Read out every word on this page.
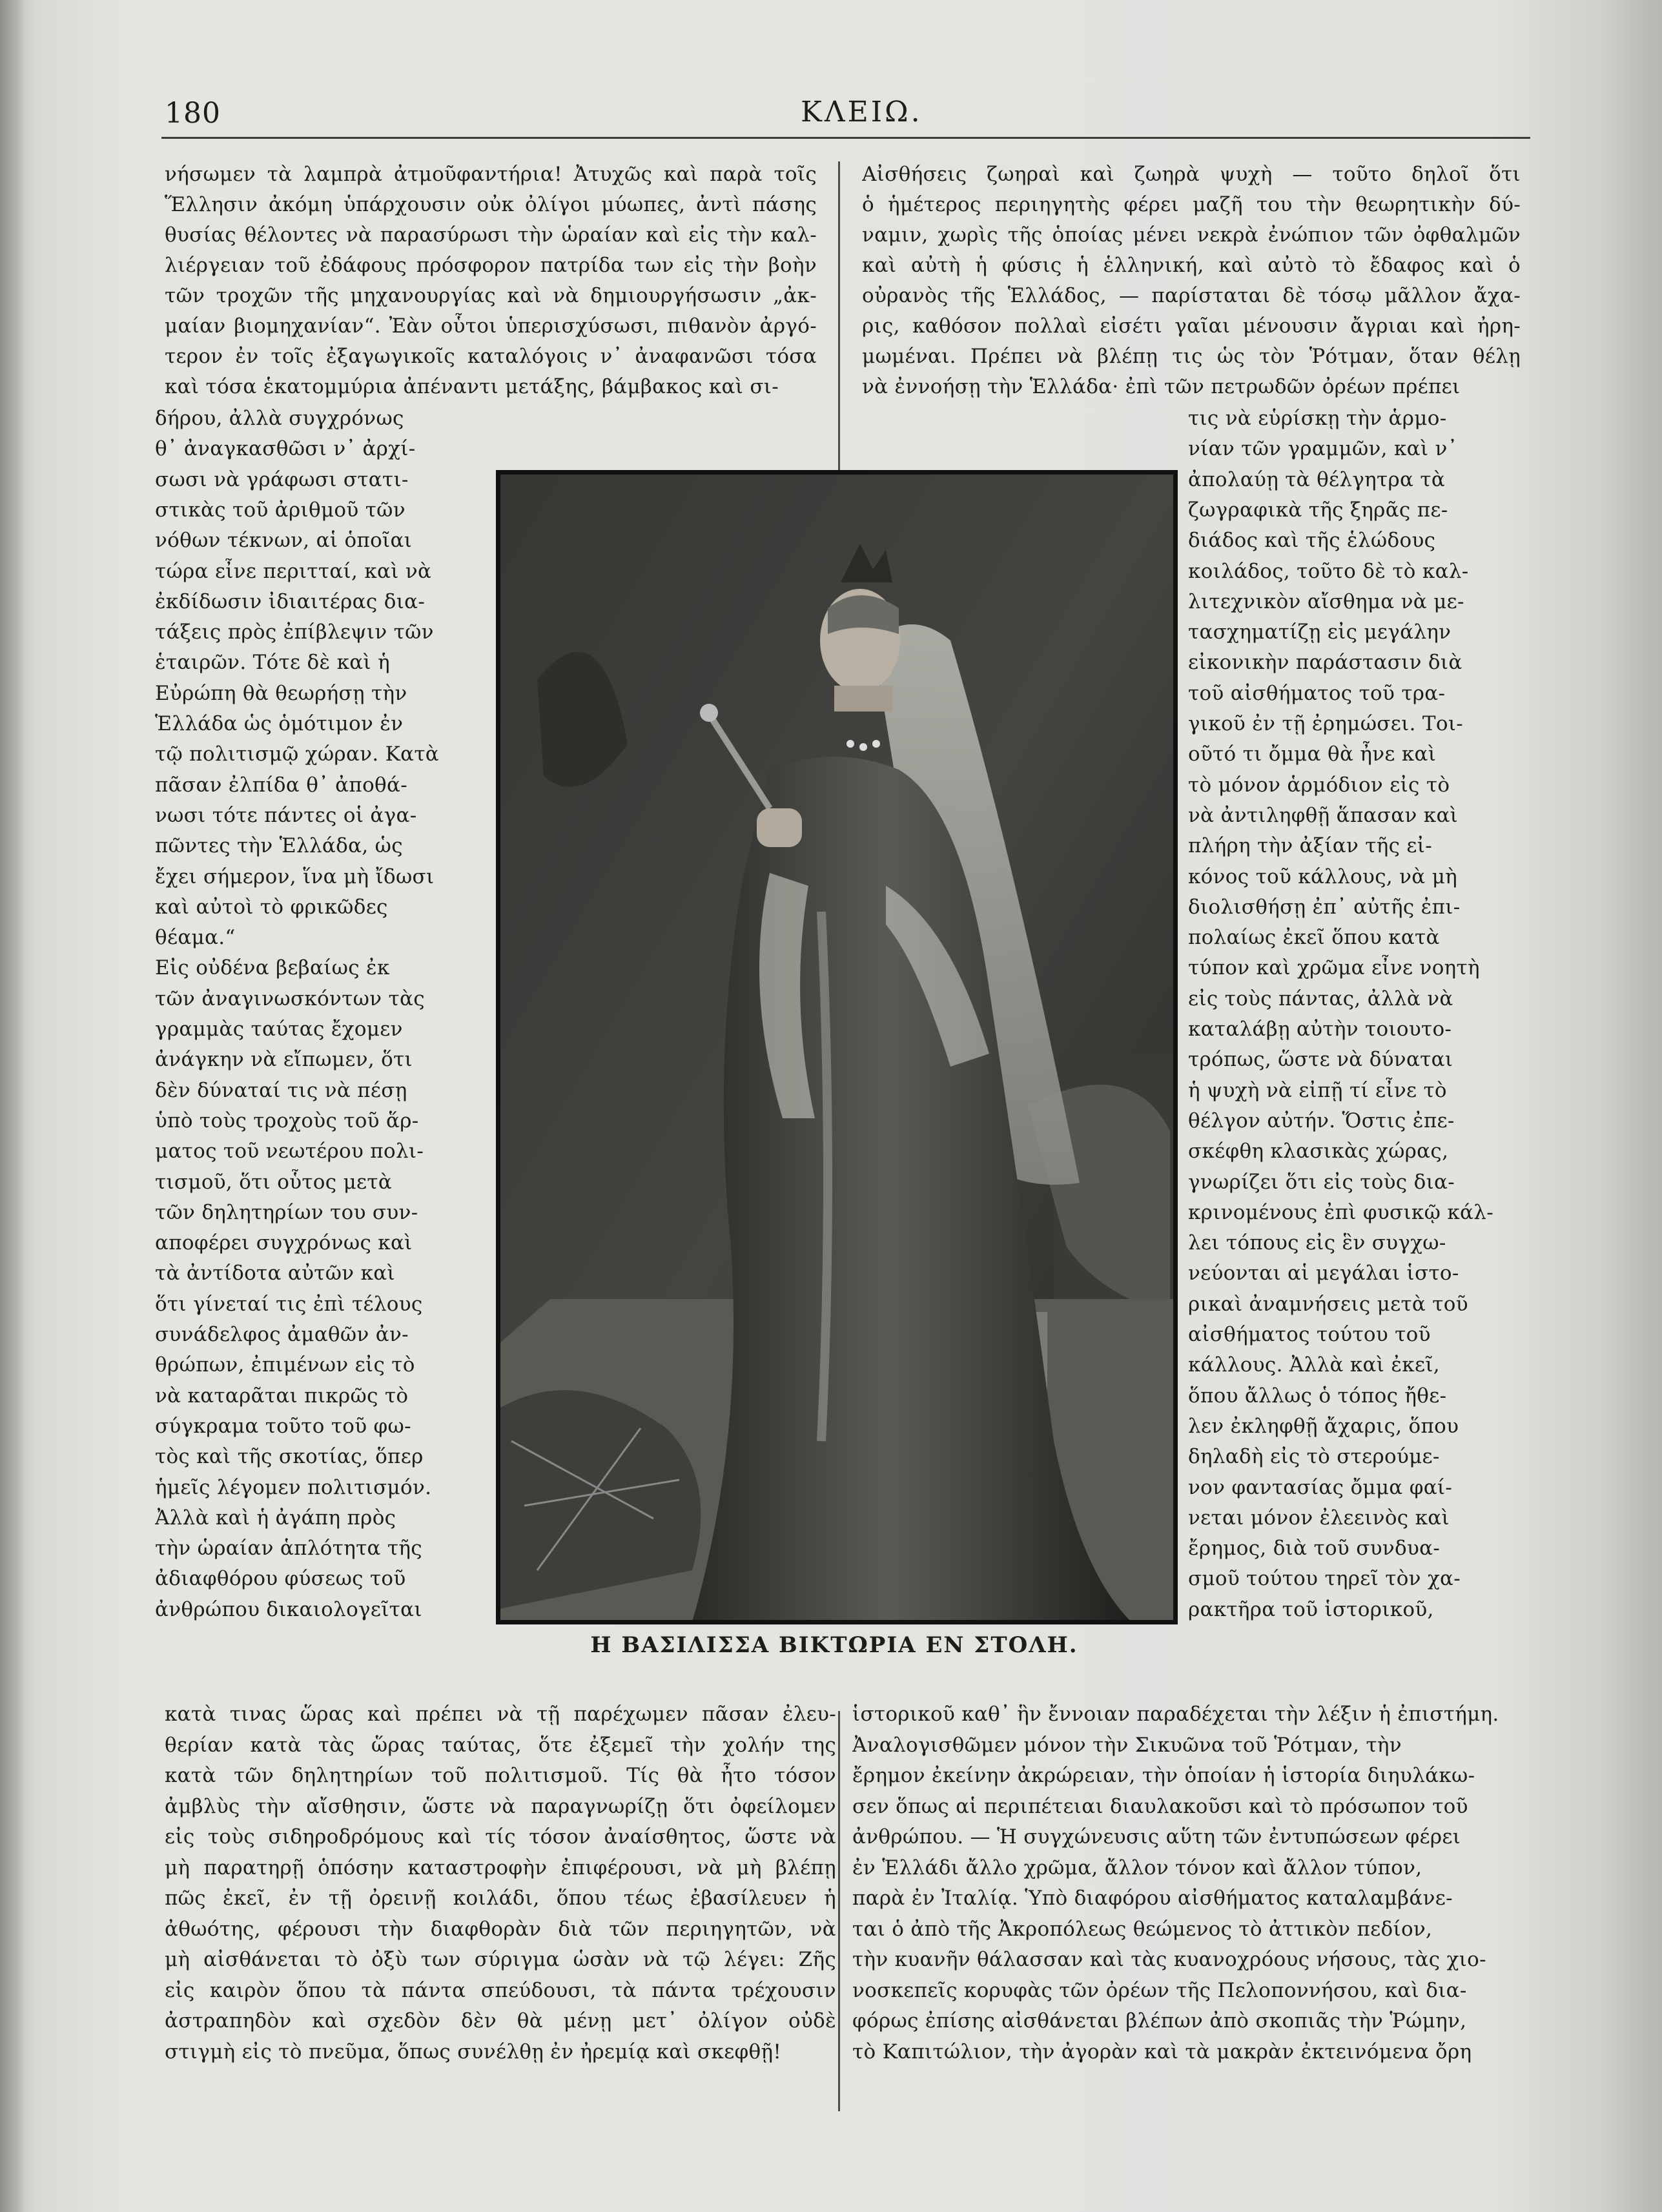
180	ΚΛΕΙΩ.
νήσωμεν τὰ λαμπρὰ ἀτμοῦφαντήρια! Ἀτυχῶς καὶ παρὰ τοῖς
Ἕλλησιν ἀκόμη ὑπάρχουσιν οὐκ ὀλίγοι μύωπες, ἀντὶ πάσης
θυσίας θέλοντες νὰ παρασύρωσι τὴν ὡραίαν καὶ εἰς τὴν καλ-
λιέργειαν τοῦ ἐδάφους πρόσφορον πατρίδα των εἰς τὴν βοὴν
τῶν τροχῶν τῆς μηχανουργίας καὶ νὰ δημιουργήσωσιν „ἀκ-
μαίαν βιομηχανίαν“. Ἐὰν οὗτοι ὑπερισχύσωσι, πιθανὸν ἀργό-
τερον ἐν τοῖς ἐξαγωγικοῖς καταλόγοις ν᾿ ἀναφανῶσι τόσα
καὶ τόσα ἑκατομμύρια ἀπέναντι μετάξης, βάμβακος καὶ σι-
δήρου, ἀλλὰ συγχρόνως
θ᾿ ἀναγκασθῶσι ν᾿ ἀρχί-
σωσι νὰ γράφωσι στατι-
στικὰς τοῦ ἀριθμοῦ τῶν
νόθων τέκνων, αἱ ὁποῖαι
τώρα εἶνε περιτταί, καὶ νὰ
ἐκδίδωσιν ἰδιαιτέρας δια-
τάξεις πρὸς ἐπίβλεψιν τῶν
ἑταιρῶν. Τότε δὲ καὶ ἡ
Εὐρώπη θὰ θεωρήσῃ τὴν
Ἑλλάδα ὡς ὁμότιμον ἐν
τῷ πολιτισμῷ χώραν. Κατὰ
πᾶσαν ἐλπίδα θ᾿ ἀποθά-
νωσι τότε πάντες οἱ ἀγα-
πῶντες τὴν Ἑλλάδα, ὡς
ἔχει σήμερον, ἵνα μὴ ἴδωσι
καὶ αὐτοὶ τὸ φρικῶδες
θέαμα.“
Εἰς οὐδένα βεβαίως ἐκ
τῶν ἀναγινωσκόντων τὰς
γραμμὰς ταύτας ἔχομεν
ἀνάγκην νὰ εἴπωμεν, ὅτι
δὲν δύναταί τις νὰ πέσῃ
ὑπὸ τοὺς τροχοὺς τοῦ ἅρ-
ματος τοῦ νεωτέρου πολι-
τισμοῦ, ὅτι οὗτος μετὰ
τῶν δηλητηρίων του συν-
αποφέρει συγχρόνως καὶ
τὰ ἀντίδοτα αὐτῶν καὶ
ὅτι γίνεταί τις ἐπὶ τέλους
συνάδελφος ἀμαθῶν ἀν-
θρώπων, ἐπιμένων εἰς τὸ
νὰ καταρᾶται πικρῶς τὸ
σύγκραμα τοῦτο τοῦ φω-
τὸς καὶ τῆς σκοτίας, ὅπερ
ἡμεῖς λέγομεν πολιτισμόν.
Ἀλλὰ καὶ ἡ ἀγάπη πρὸς
τὴν ὡραίαν ἁπλότητα τῆς
ἀδιαφθόρου φύσεως τοῦ
ἀνθρώπου δικαιολογεῖται
Αἰσθήσεις ζωηραὶ καὶ ζωηρὰ ψυχὴ — τοῦτο δηλοῖ ὅτι
ὁ ἡμέτερος περιηγητὴς φέρει μαζῆ του τὴν θεωρητικὴν δύ-
ναμιν, χωρὶς τῆς ὁποίας μένει νεκρὰ ἐνώπιον τῶν ὀφθαλμῶν
καὶ αὐτὴ ἡ φύσις ἡ ἑλληνική, καὶ αὐτὸ τὸ ἔδαφος καὶ ὁ
οὐρανὸς τῆς Ἑλλάδος, — παρίσταται δὲ τόσῳ μᾶλλον ἄχα-
ρις, καθόσον πολλαὶ εἰσέτι γαῖαι μένουσιν ἄγριαι καὶ ἠρη-
μωμέναι. Πρέπει νὰ βλέπῃ τις ὡς τὸν Ῥότμαν, ὅταν θέλῃ
νὰ ἐννοήσῃ τὴν Ἑλλάδα· ἐπὶ τῶν πετρωδῶν ὀρέων πρέπει
τις νὰ εὑρίσκῃ τὴν ἁρμο-
νίαν τῶν γραμμῶν, καὶ ν᾿
ἀπολαύῃ τὰ θέλγητρα τὰ
ζωγραφικὰ τῆς ξηρᾶς πε-
διάδος καὶ τῆς ἑλώδους
κοιλάδος, τοῦτο δὲ τὸ καλ-
λιτεχνικὸν αἴσθημα νὰ με-
τασχηματίζῃ εἰς μεγάλην
εἰκονικὴν παράστασιν διὰ
τοῦ αἰσθήματος τοῦ τρα-
γικοῦ ἐν τῇ ἐρημώσει. Τοι-
οῦτό τι ὄμμα θὰ ἦνε καὶ
τὸ μόνον ἁρμόδιον εἰς τὸ
νὰ ἀντιληφθῇ ἅπασαν καὶ
πλήρη τὴν ἀξίαν τῆς εἰ-
κόνος τοῦ κάλλους, νὰ μὴ
διολισθήσῃ ἐπ᾿ αὐτῆς ἐπι-
πολαίως ἐκεῖ ὅπου κατὰ
τύπον καὶ χρῶμα εἶνε νοητὴ
εἰς τοὺς πάντας, ἀλλὰ νὰ
καταλάβῃ αὐτὴν τοιουτο-
τρόπως, ὥστε νὰ δύναται
ἡ ψυχὴ νὰ εἰπῇ τί εἶνε τὸ
θέλγον αὐτήν. Ὅστις ἐπε-
σκέφθη κλασικὰς χώρας,
γνωρίζει ὅτι εἰς τοὺς δια-
κρινομένους ἐπὶ φυσικῷ κάλ-
λει τόπους εἰς ἓν συγχω-
νεύονται αἱ μεγάλαι ἱστο-
ρικαὶ ἀναμνήσεις μετὰ τοῦ
αἰσθήματος τούτου τοῦ
κάλλους. Ἀλλὰ καὶ ἐκεῖ,
ὅπου ἄλλως ὁ τόπος ἤθε-
λεν ἐκληφθῇ ἄχαρις, ὅπου
δηλαδὴ εἰς τὸ στερούμε-
νον φαντασίας ὄμμα φαί-
νεται μόνον ἐλεεινὸς καὶ
ἔρημος, διὰ τοῦ συνδυα-
σμοῦ τούτου τηρεῖ τὸν χα-
ρακτῆρα τοῦ ἱστορικοῦ,
κατὰ τινας ὥρας καὶ πρέπει νὰ τῇ παρέχωμεν πᾶσαν ἐλευ-
θερίαν κατὰ τὰς ὥρας ταύτας, ὅτε ἐξεμεῖ τὴν χολήν της
κατὰ τῶν δηλητηρίων τοῦ πολιτισμοῦ. Τίς θὰ ἦτο τόσον
ἀμβλὺς τὴν αἴσθησιν, ὥστε νὰ παραγνωρίζῃ ὅτι ὀφείλομεν
εἰς τοὺς σιδηροδρόμους καὶ τίς τόσον ἀναίσθητος, ὥστε νὰ
μὴ παρατηρῇ ὁπόσην καταστροφὴν ἐπιφέρουσι, νὰ μὴ βλέπῃ
πῶς ἐκεῖ, ἐν τῇ ὀρεινῇ κοιλάδι, ὅπου τέως ἐβασίλευεν ἡ
ἀθωότης, φέρουσι τὴν διαφθορὰν διὰ τῶν περιηγητῶν, νὰ
μὴ αἰσθάνεται τὸ ὀξὺ των σύριγμα ὡσὰν νὰ τῷ λέγει: Ζῆς
εἰς καιρὸν ὅπου τὰ πάντα σπεύδουσι, τὰ πάντα τρέχουσιν
ἀστραπηδὸν καὶ σχεδὸν δὲν θὰ μένῃ μετ᾿ ὀλίγον οὐδὲ
στιγμὴ εἰς τὸ πνεῦμα, ὅπως συνέλθῃ ἐν ἠρεμίᾳ καὶ σκεφθῇ!
ἱστορικοῦ καθ᾿ ἣν ἔννοιαν παραδέχεται τὴν λέξιν ἡ ἐπιστήμη.
Ἀναλογισθῶμεν μόνον τὴν Σικυῶνα τοῦ Ῥότμαν, τὴν
ἔρημον ἐκείνην ἀκρώρειαν, τὴν ὁποίαν ἡ ἱστορία διηυλάκω-
σεν ὅπως αἱ περιπέτειαι διαυλακοῦσι καὶ τὸ πρόσωπον τοῦ
ἀνθρώπου. — Ἡ συγχώνευσις αὕτη τῶν ἐντυπώσεων φέρει
ἐν Ἑλλάδι ἄλλο χρῶμα, ἄλλον τόνον καὶ ἄλλον τύπον,
παρὰ ἐν Ἰταλίᾳ. Ὑπὸ διαφόρου αἰσθήματος καταλαμβάνε-
ται ὁ ἀπὸ τῆς Ἀκροπόλεως θεώμενος τὸ ἀττικὸν πεδίον,
τὴν κυανῆν θάλασσαν καὶ τὰς κυανοχρόους νήσους, τὰς χιο-
νοσκεπεῖς κορυφὰς τῶν ὀρέων τῆς Πελοποννήσου, καὶ δια-
φόρως ἐπίσης αἰσθάνεται βλέπων ἀπὸ σκοπιᾶς τὴν Ῥώμην,
τὸ Καπιτώλιον, τὴν ἀγορὰν καὶ τὰ μακρὰν ἐκτεινόμενα ὄρη
Η ΒΑΣΙΛΙΣΣΑ ΒΙΚΤΩΡΙΑ ΕΝ ΣΤΟΛΗ.
